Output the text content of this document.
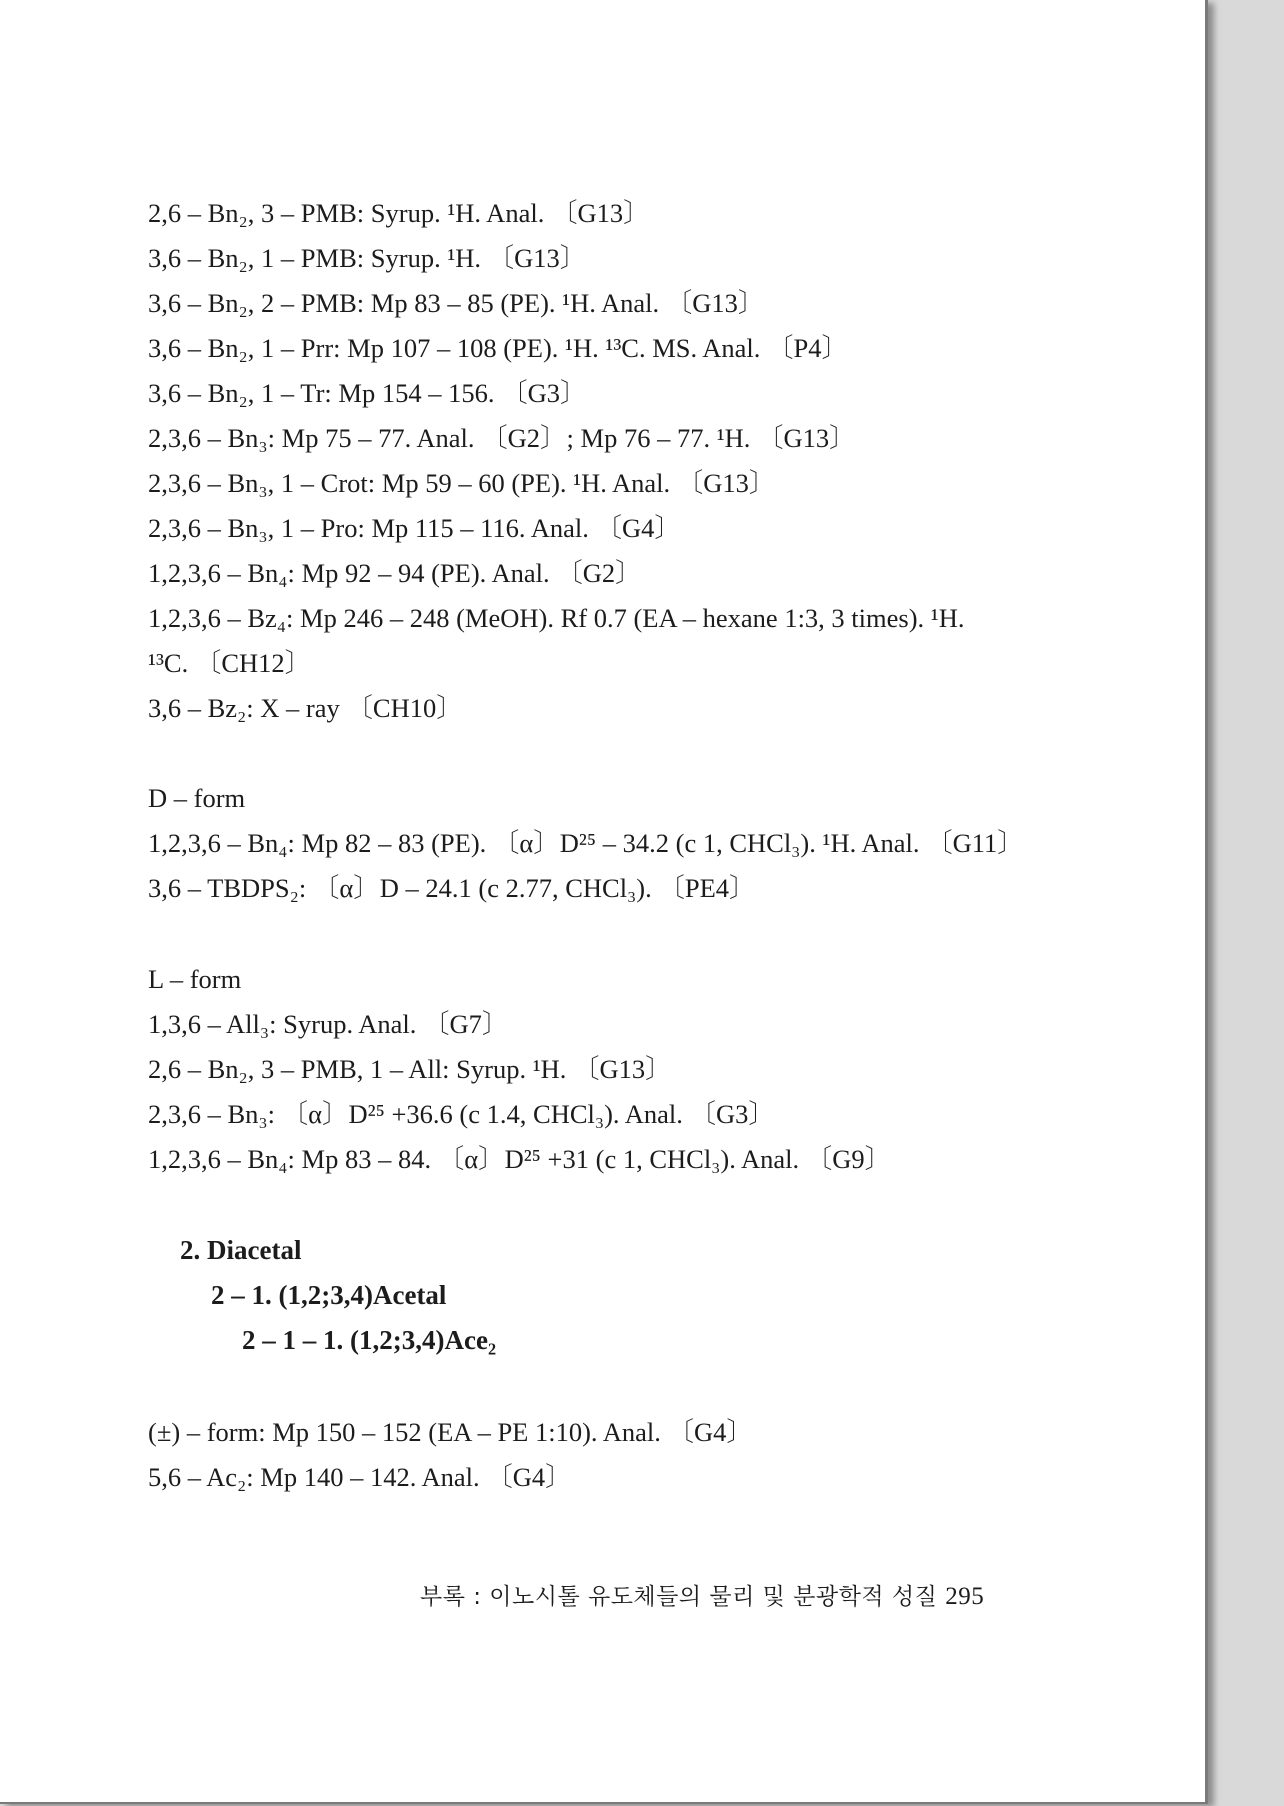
2,6 – Bn₂, 3 – PMB: Syrup. ¹H. Anal. 〔G13〕
3,6 – Bn₂, 1 – PMB: Syrup. ¹H. 〔G13〕
3,6 – Bn₂, 2 – PMB: Mp 83 – 85 (PE). ¹H. Anal. 〔G13〕
3,6 – Bn₂, 1 – Prr: Mp 107 – 108 (PE). ¹H. ¹³C. MS. Anal. 〔P4〕
3,6 – Bn₂, 1 – Tr: Mp 154 – 156. 〔G3〕
2,3,6 – Bn₃: Mp 75 – 77. Anal. 〔G2〕; Mp 76 – 77. ¹H. 〔G13〕
2,3,6 – Bn₃, 1 – Crot: Mp 59 – 60 (PE). ¹H. Anal. 〔G13〕
2,3,6 – Bn₃, 1 – Pro: Mp 115 – 116. Anal. 〔G4〕
1,2,3,6 – Bn₄: Mp 92 – 94 (PE). Anal. 〔G2〕
1,2,3,6 – Bz₄: Mp 246 – 248 (MeOH). Rf 0.7 (EA – hexane 1:3, 3 times). ¹H.
¹³C. 〔CH12〕
3,6 – Bz₂: X – ray 〔CH10〕
D – form
1,2,3,6 – Bn₄: Mp 82 – 83 (PE). 〔α〕D²⁵ – 34.2 (c 1, CHCl₃). ¹H. Anal. 〔G11〕
3,6 – TBDPS₂: 〔α〕D – 24.1 (c 2.77, CHCl₃). 〔PE4〕
L – form
1,3,6 – All₃: Syrup. Anal. 〔G7〕
2,6 – Bn₂, 3 – PMB, 1 – All: Syrup. ¹H. 〔G13〕
2,3,6 – Bn₃: 〔α〕D²⁵ +36.6 (c 1.4, CHCl₃). Anal. 〔G3〕
1,2,3,6 – Bn₄: Mp 83 – 84. 〔α〕D²⁵ +31 (c 1, CHCl₃). Anal. 〔G9〕
2. Diacetal
2 – 1. (1,2;3,4)Acetal
2 – 1 – 1. (1,2;3,4)Ace₂
(±) – form: Mp 150 – 152 (EA – PE 1:10). Anal. 〔G4〕
5,6 – Ac₂: Mp 140 – 142. Anal. 〔G4〕
부록 : 이노시톨 유도체들의 물리 및 분광학적 성질 295
